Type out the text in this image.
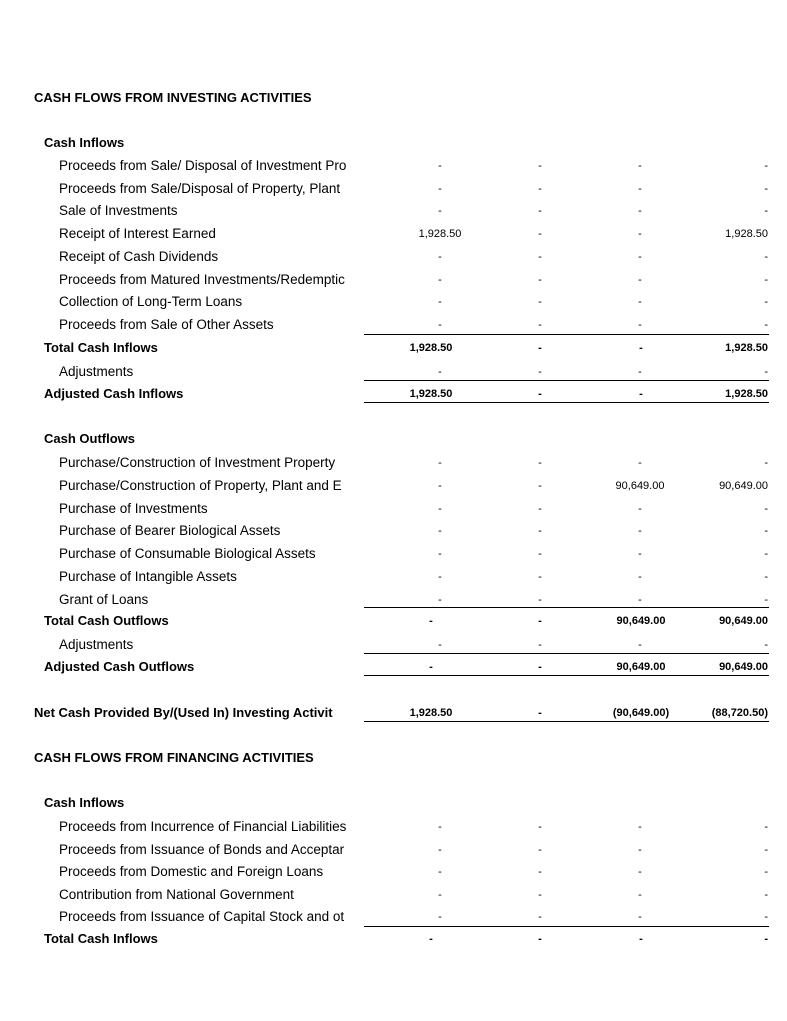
CASH FLOWS FROM INVESTING ACTIVITIES
Cash Inflows
Proceeds from Sale/ Disposal of Investment Pro	-	-	-	-
Proceeds from Sale/Disposal of Property, Plant	-	-	-	-
Sale of Investments	-	-	-	-
Receipt of Interest Earned	1,928.50	-	-	1,928.50
Receipt of Cash Dividends	-	-	-	-
Proceeds from Matured Investments/Redemptic	-	-	-	-
Collection of Long-Term Loans	-	-	-	-
Proceeds from Sale of Other Assets	-	-	-	-
Total Cash Inflows	1,928.50	-	-	1,928.50
Adjustments	-	-	-	-
Adjusted Cash Inflows	1,928.50	-	-	1,928.50
Cash Outflows
Purchase/Construction of Investment Property	-	-	-	-
Purchase/Construction of Property, Plant and E	-	-	90,649.00	90,649.00
Purchase of Investments	-	-	-	-
Purchase of Bearer Biological Assets	-	-	-	-
Purchase of Consumable Biological Assets	-	-	-	-
Purchase of Intangible Assets	-	-	-	-
Grant of Loans	-	-	-	-
Total Cash Outflows	-	-	90,649.00	90,649.00
Adjustments	-	-	-	-
Adjusted Cash Outflows	-	-	90,649.00	90,649.00
Net Cash Provided By/(Used In) Investing Activit	1,928.50	-	(90,649.00)	(88,720.50)
CASH FLOWS FROM FINANCING ACTIVITIES
Cash Inflows
Proceeds from Incurrence of Financial Liabilities	-	-	-	-
Proceeds from Issuance of Bonds and Acceptar	-	-	-	-
Proceeds from Domestic and Foreign Loans	-	-	-	-
Contribution from National Government	-	-	-	-
Proceeds from Issuance of Capital Stock and ot	-	-	-	-
Total Cash Inflows	-	-	-	-
